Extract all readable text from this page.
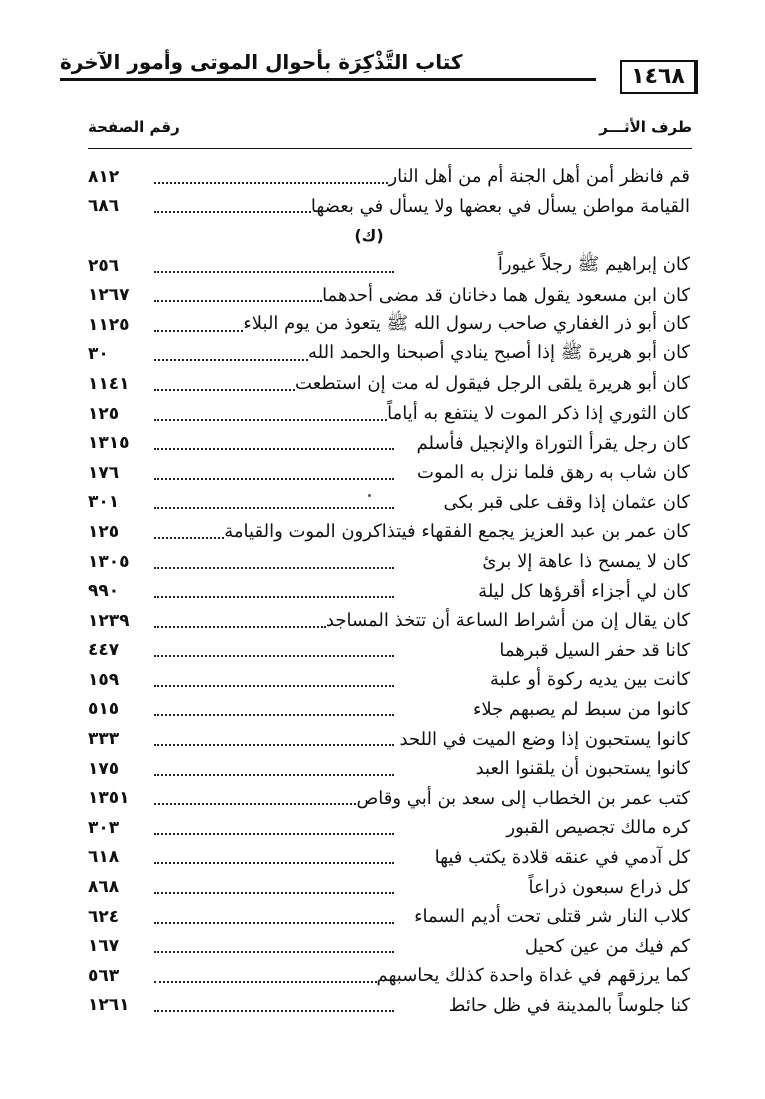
كتاب التَّذْكِرَة بأحوال الموتى وأمور الآخرة
١٤٦٨
طرف الأثـــر
رقم الصفحة
قم فانظر أمن أهل الجنة أم من أهل النار
٨١٢
القيامة مواطن يسأل في بعضها ولا يسأل في بعضها
٦٨٦
(ك)
كان إبراهيم ﷺ رجلاً غيوراً
٢٥٦
كان ابن مسعود يقول هما دخانان قد مضى أحدهما
١٢٦٧
كان أبو ذر الغفاري صاحب رسول الله ﷺ يتعوذ من يوم البلاء
١١٢٥
كان أبو هريرة ﷺ إذا أصبح ينادي أصبحنا والحمد الله
٣٠
كان أبو هريرة يلقى الرجل فيقول له مت إن استطعت
١١٤١
كان الثوري إذا ذكر الموت لا ينتفع به أياماً
١٢٥
كان رجل يقرأ التوراة والإنجيل فأسلم
١٣١٥
كان شاب به رهق فلما نزل به الموت
١٧٦
كان عثمان إذا وقف على قبر بكى
٣٠١
كان عمر بن عبد العزيز يجمع الفقهاء فيتذاكرون الموت والقيامة
١٢٥
كان لا يمسح ذا عاهة إلا برئ
١٣٠٥
كان لي أجزاء أقرؤها كل ليلة
٩٩٠
كان يقال إن من أشراط الساعة أن تتخذ المساجد
١٢٣٩
كانا قد حفر السيل قبرهما
٤٤٧
كانت بين يديه ركوة أو علبة
١٥٩
كانوا من سبط لم يصبهم جلاء
٥١٥
كانوا يستحبون إذا وضع الميت في اللحد
٣٣٣
كانوا يستحبون أن يلقنوا العبد
١٧٥
كتب عمر بن الخطاب إلى سعد بن أبي وقاص
١٣٥١
كره مالك تجصيص القبور
٣٠٣
كل آدمي في عنقه قلادة يكتب فيها
٦١٨
كل ذراع سبعون ذراعاً
٨٦٨
كلاب النار شر قتلى تحت أديم السماء
٦٢٤
كم فيك من عين كحيل
١٦٧
كما يرزقهم في غداة واحدة كذلك يحاسبهم
٥٦٣
كنا جلوساً بالمدينة في ظل حائط
١٢٦١
